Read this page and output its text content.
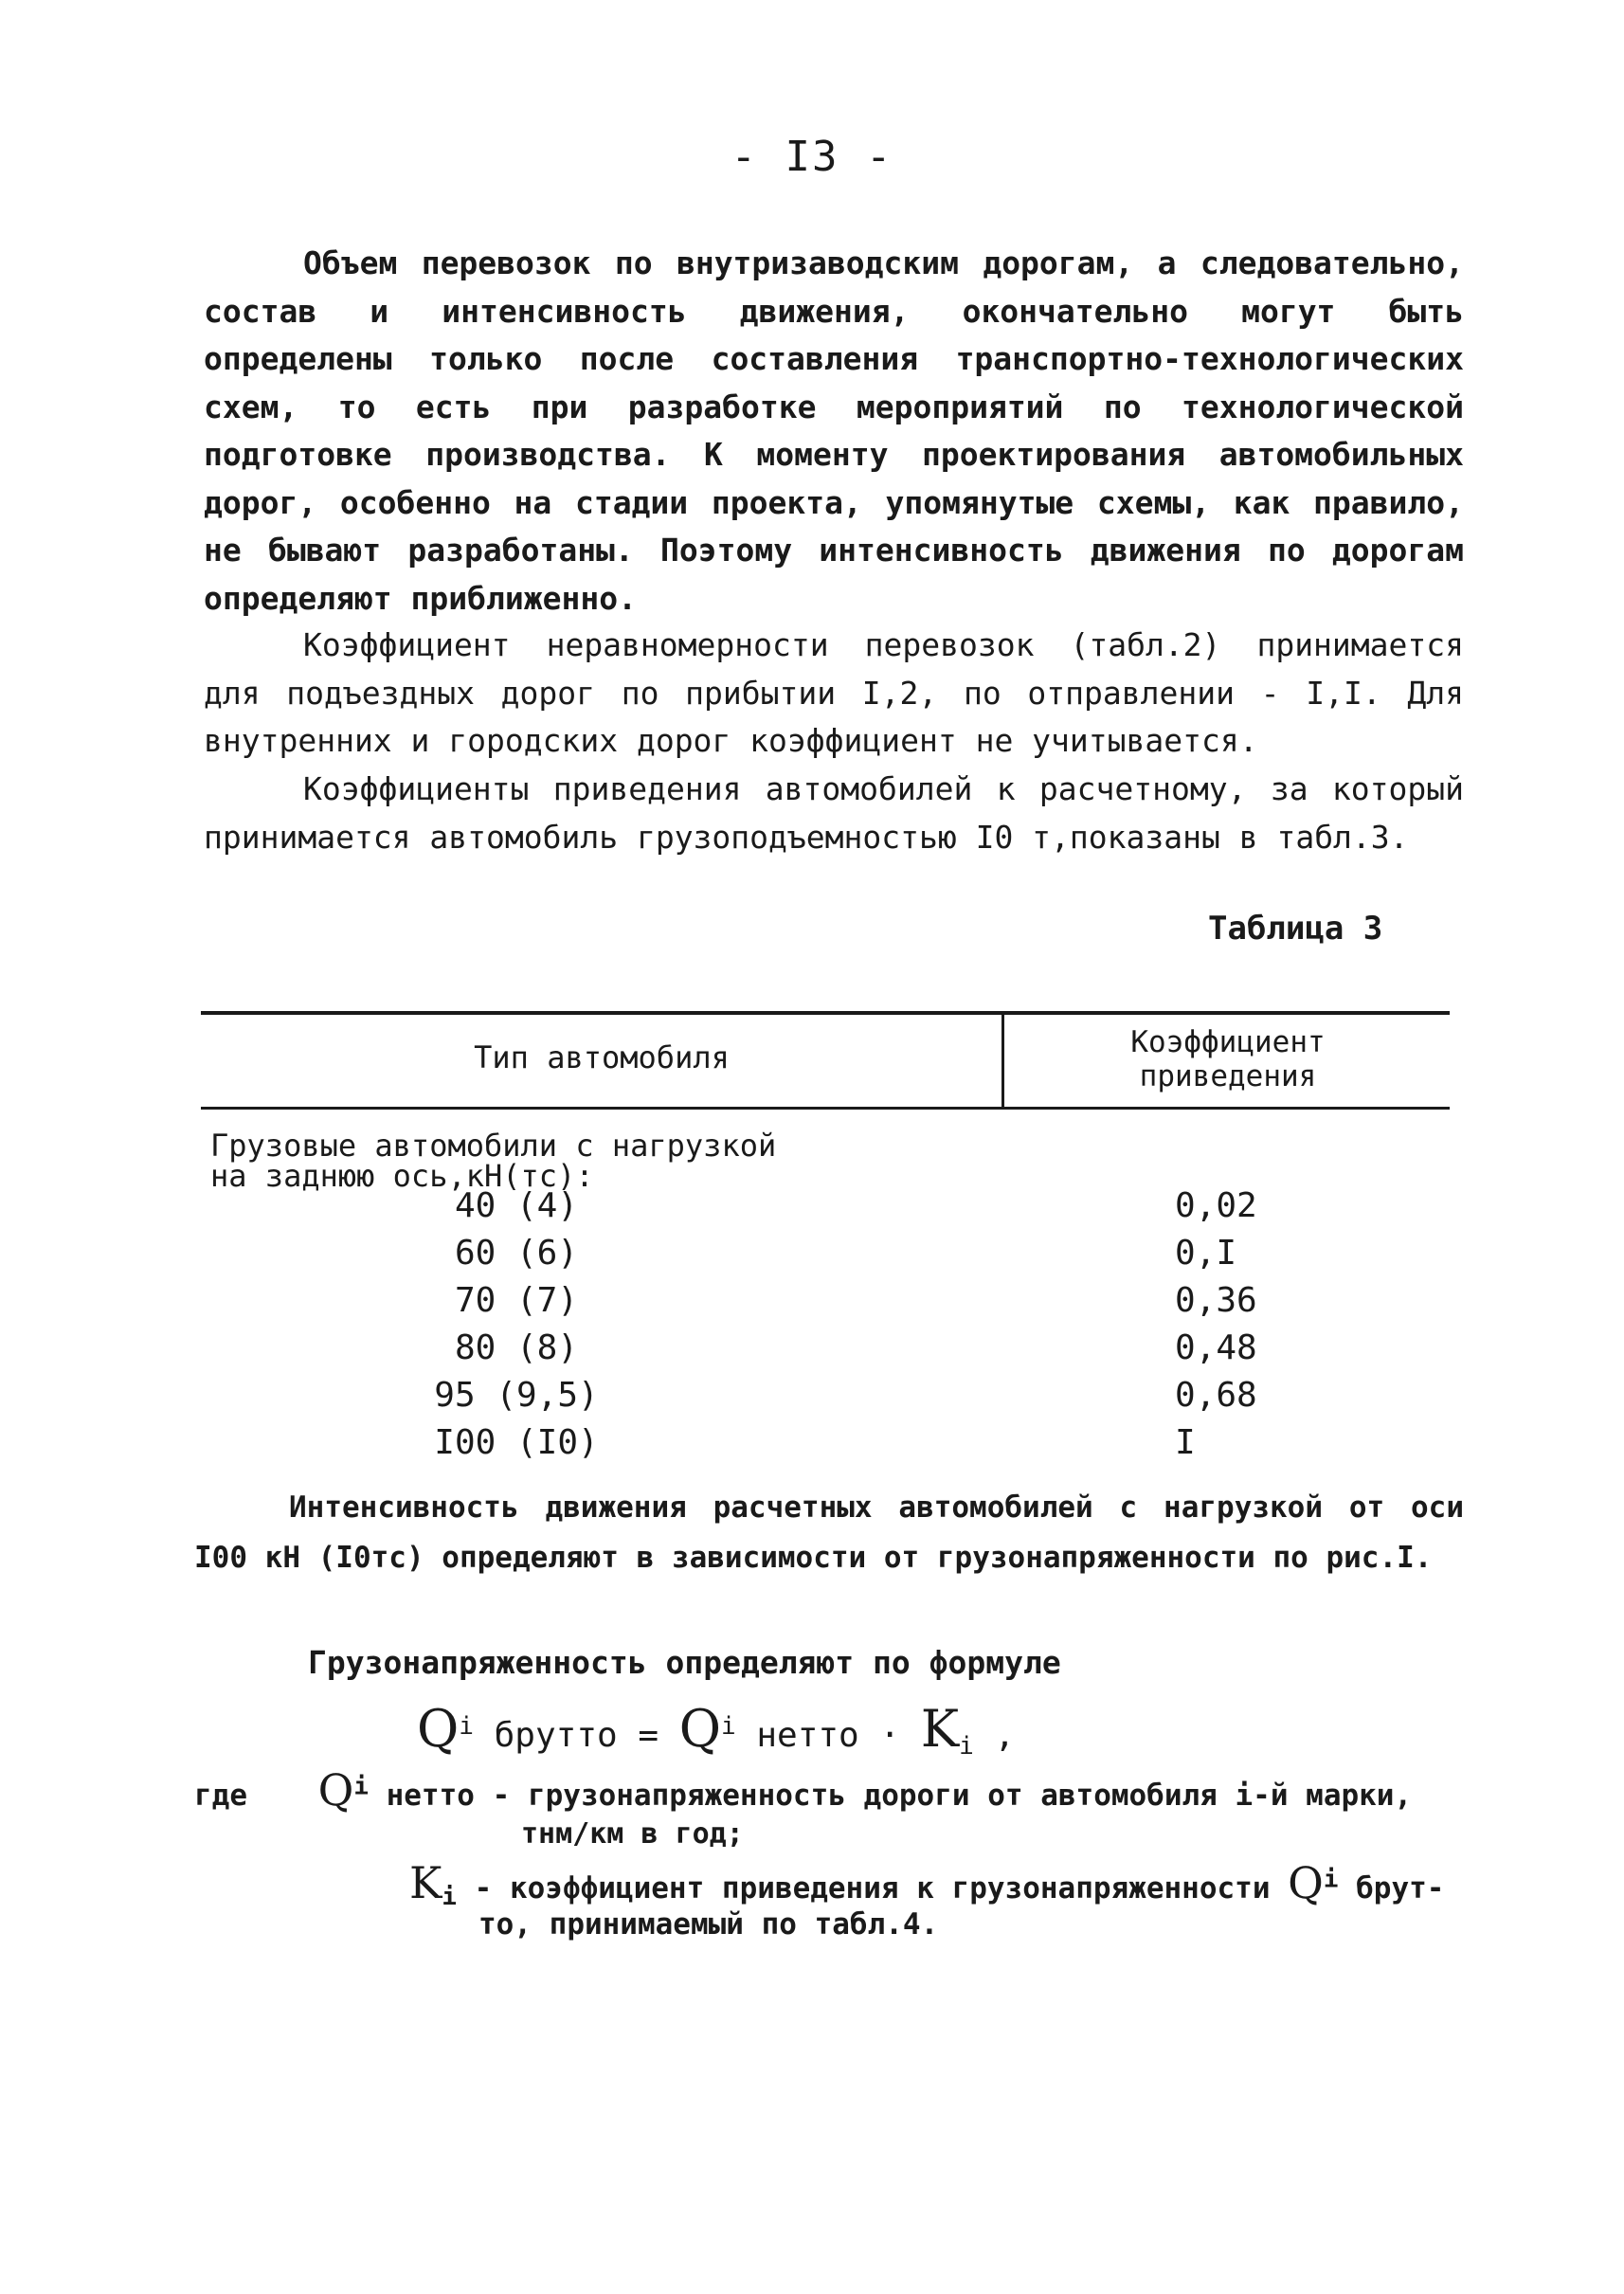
- I3 -

Объем перевозок по внутризаводским дорогам, а следовательно, состав и интенсивность движения, окончательно могут быть определены только после составления транспортно-технологических схем, то есть при разработке мероприятий по технологической подготовке производства. К моменту проектирования автомобильных дорог, особенно на стадии проекта, упомянутые схемы, как правило, не бывают разработаны. Поэтому интенсивность движения по дорогам определяют приближенно.

Коэффициент неравномерности перевозок (табл.2) принимается для подъездных дорог по прибытии I,2, по отправлении - I,I. Для внутренних и городских дорог коэффициент не учитывается.

Коэффициенты приведения автомобилей к расчетному, за который принимается автомобиль грузоподъемностью I0 т,показаны в табл.3.

Таблица 3
Тип автомобиля	Коэффициент
приведения
Грузовые автомобили с нагрузкой
на заднюю ось,кН(тс):
40 (4)	0,02
60 (6)	0,I
70 (7)	0,36
80 (8)	0,48
95 (9,5)	0,68
I00 (I0)	I

Интенсивность движения расчетных автомобилей с нагрузкой от оси I00 кН (I0тс) определяют в зависимости от грузонапряженности по рис.I.

Грузонапряженность определяют по формуле
$Q^i$ брутто = $Q^i$ нетто · $K_i$ ,
где $Q^i$ нетто - грузонапряженность дороги от автомобиля i-й марки,
тнм/км в год;
$K_i$ - коэффициент приведения к грузонапряженности $Q^i$ брут-
то, принимаемый по табл.4.
